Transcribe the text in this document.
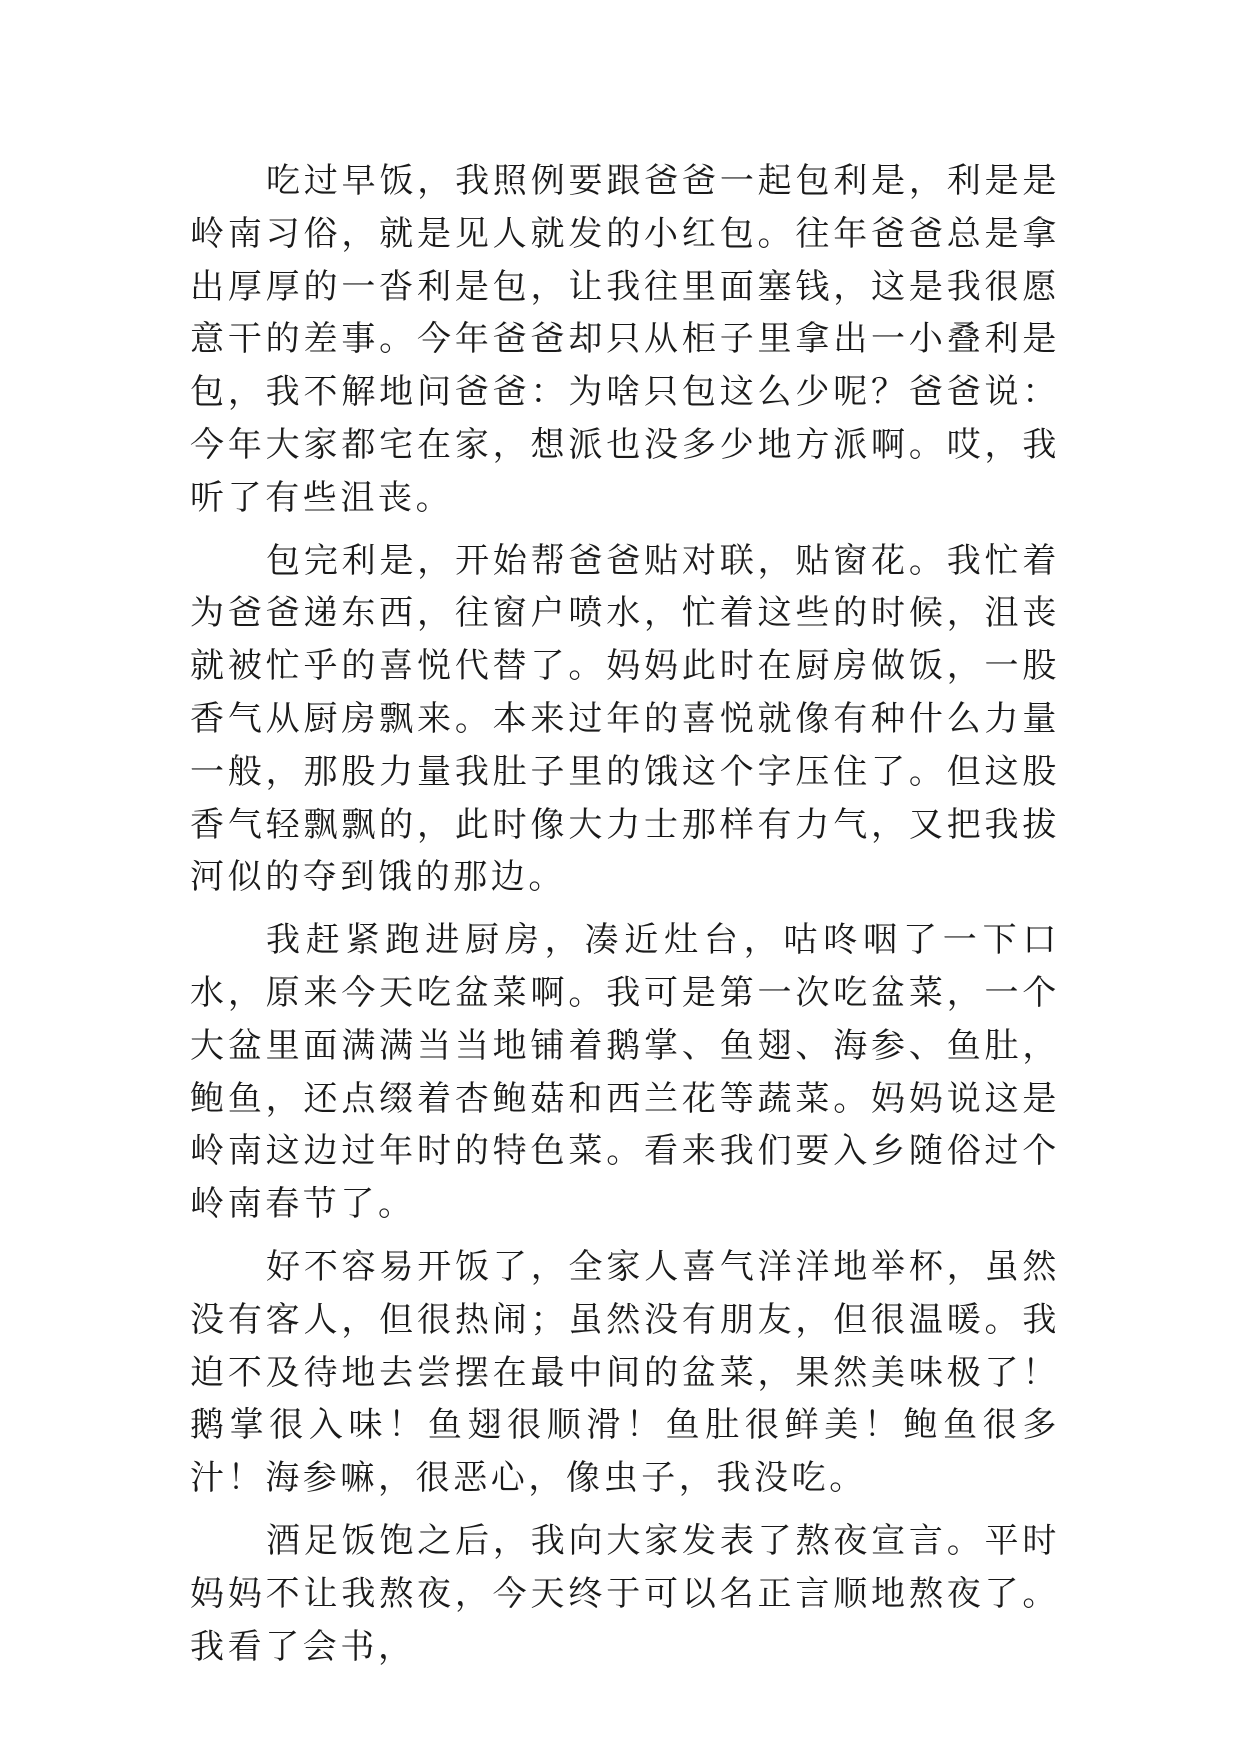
吃过早饭，我照例要跟爸爸一起包利是，利是是岭南习俗，就是见人就发的小红包。往年爸爸总是拿出厚厚的一沓利是包，让我往里面塞钱，这是我很愿意干的差事。今年爸爸却只从柜子里拿出一小叠利是包，我不解地问爸爸：为啥只包这么少呢？爸爸说：今年大家都宅在家，想派也没多少地方派啊。哎，我听了有些沮丧。

包完利是，开始帮爸爸贴对联，贴窗花。我忙着为爸爸递东西，往窗户喷水，忙着这些的时候，沮丧就被忙乎的喜悦代替了。妈妈此时在厨房做饭，一股香气从厨房飘来。本来过年的喜悦就像有种什么力量一般，那股力量我肚子里的饿这个字压住了。但这股香气轻飘飘的，此时像大力士那样有力气，又把我拔河似的夺到饿的那边。

我赶紧跑进厨房，凑近灶台，咕咚咽了一下口水，原来今天吃盆菜啊。我可是第一次吃盆菜，一个大盆里面满满当当地铺着鹅掌、鱼翅、海参、鱼肚，鲍鱼，还点缀着杏鲍菇和西兰花等蔬菜。妈妈说这是岭南这边过年时的特色菜。看来我们要入乡随俗过个岭南春节了。

好不容易开饭了，全家人喜气洋洋地举杯，虽然没有客人，但很热闹；虽然没有朋友，但很温暖。我迫不及待地去尝摆在最中间的盆菜，果然美味极了！鹅掌很入味！鱼翅很顺滑！鱼肚很鲜美！鲍鱼很多汁！海参嘛，很恶心，像虫子，我没吃。

酒足饭饱之后，我向大家发表了熬夜宣言。平时妈妈不让我熬夜，今天终于可以名正言顺地熬夜了。我看了会书，
